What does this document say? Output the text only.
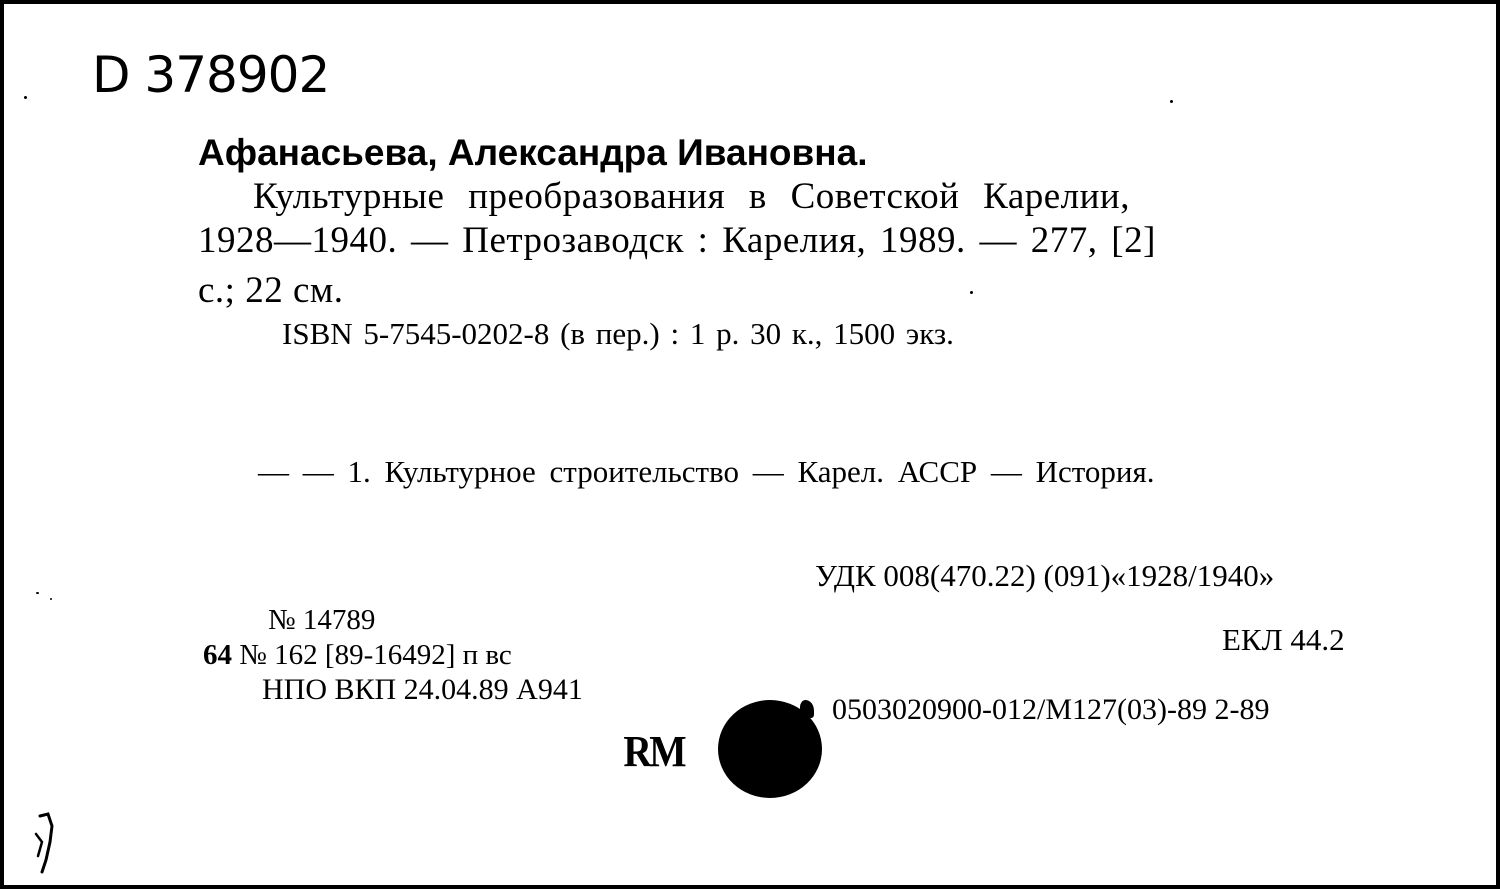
D 378902
Афанасьева, Александра Ивановна.
Культурные преобразования в Советской Карелии,
1928—1940. — Петрозаводск : Карелия, 1989. — 277, [2]
с.; 22 см.
ISBN 5-7545-0202-8 (в пер.) : 1 р. 30 к., 1500 экз.
— — 1. Культурное строительство — Карел. АССР — История.
УДК 008(470.22) (091)«1928/1940»
№ 14789
64 № 162 [89-16492] п вс
НПО ВКП 24.04.89 А941
ЕКЛ 44.2
0503020900-012/М127(03)-89 2-89
RM
